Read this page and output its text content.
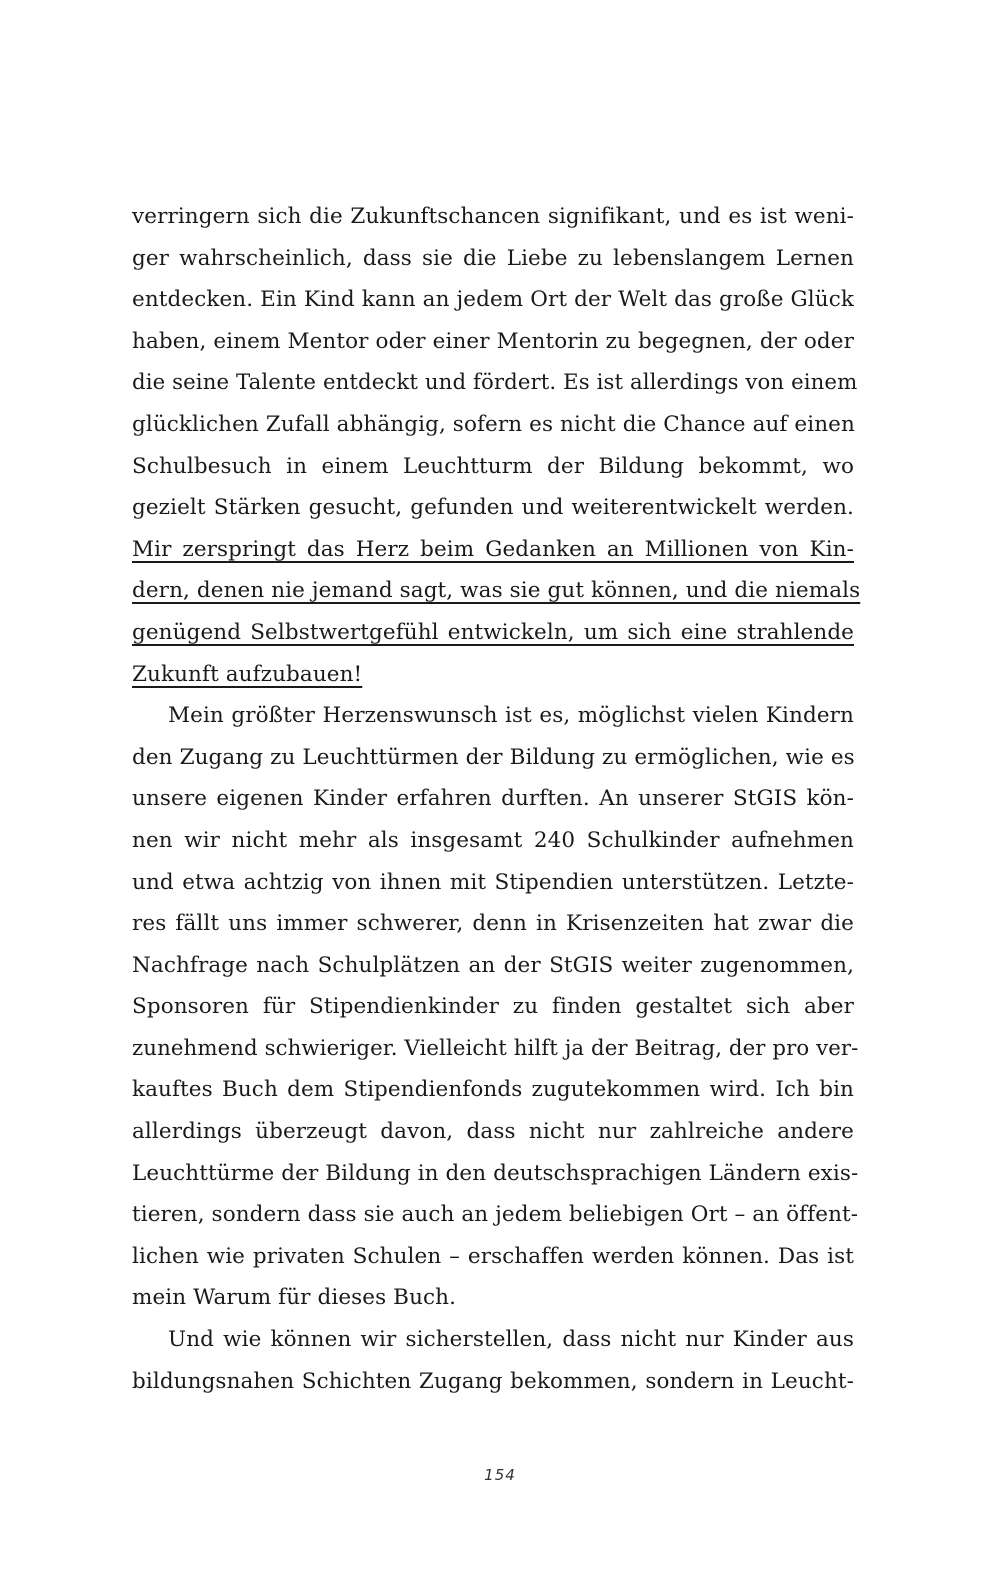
verringern sich die Zukunftschancen signifikant, und es ist weni-
ger wahrscheinlich, dass sie die Liebe zu lebenslangem Lernen
entdecken. Ein Kind kann an jedem Ort der Welt das große Glück
haben, einem Mentor oder einer Mentorin zu begegnen, der oder
die seine Talente entdeckt und fördert. Es ist allerdings von einem
glücklichen Zufall abhängig, sofern es nicht die Chance auf einen
Schulbesuch in einem Leuchtturm der Bildung bekommt, wo
gezielt Stärken gesucht, gefunden und weiterentwickelt werden.
Mir zerspringt das Herz beim Gedanken an Millionen von Kin-
dern, denen nie jemand sagt, was sie gut können, und die niemals
genügend Selbstwertgefühl entwickeln, um sich eine strahlende
Zukunft aufzubauen!
Mein größter Herzenswunsch ist es, möglichst vielen Kindern
den Zugang zu Leuchttürmen der Bildung zu ermöglichen, wie es
unsere eigenen Kinder erfahren durften. An unserer StGIS kön-
nen wir nicht mehr als insgesamt 240 Schulkinder aufnehmen
und etwa achtzig von ihnen mit Stipendien unterstützen. Letzte-
res fällt uns immer schwerer, denn in Krisenzeiten hat zwar die
Nachfrage nach Schulplätzen an der StGIS weiter zugenommen,
Sponsoren für Stipendienkinder zu finden gestaltet sich aber
zunehmend schwieriger. Vielleicht hilft ja der Beitrag, der pro ver-
kauftes Buch dem Stipendienfonds zugutekommen wird. Ich bin
allerdings überzeugt davon, dass nicht nur zahlreiche andere
Leuchttürme der Bildung in den deutschsprachigen Ländern exis-
tieren, sondern dass sie auch an jedem beliebigen Ort – an öffent-
lichen wie privaten Schulen – erschaffen werden können. Das ist
mein Warum für dieses Buch.
Und wie können wir sicherstellen, dass nicht nur Kinder aus
bildungsnahen Schichten Zugang bekommen, sondern in Leucht-
154
